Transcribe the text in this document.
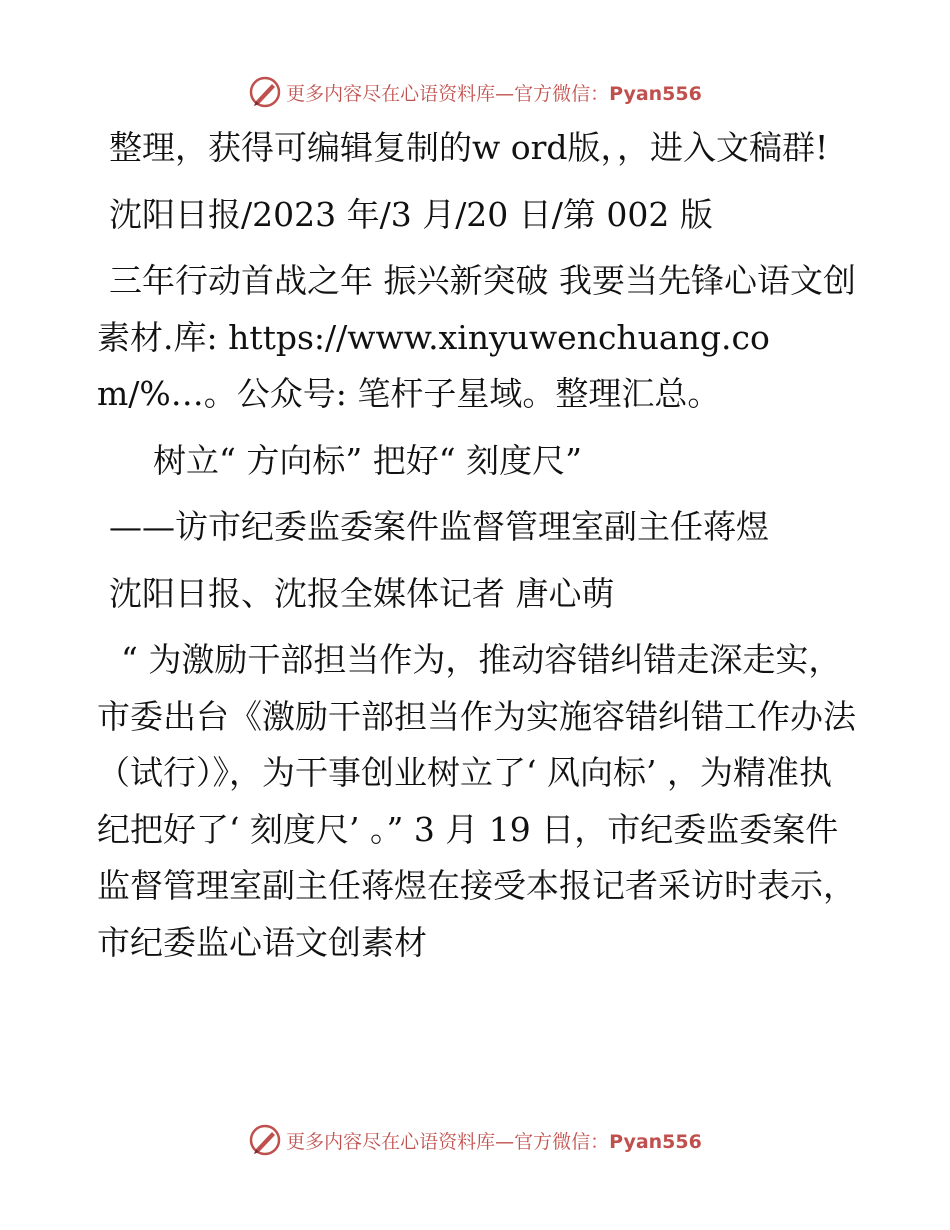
更多内容尽在心语资料库—官方微信：Pyan556

整理，获得可编辑复制的w ord版，，进入文稿群!

沈阳日报/2023 年/3 月/20 日/第 002 版

三年行动首战之年 振兴新突破 我要当先锋心语文创素材.库: https://www.xinyuwenchuang.com/%…。公众号: 笔杆子星域。整理汇总。

树立“ 方向标” 把好“ 刻度尺”

——访市纪委监委案件监督管理室副主任蒋煜

沈阳日报、沈报全媒体记者 唐心萌

“ 为激励干部担当作为，推动容错纠错走深走实，市委出台《激励干部担当作为实施容错纠错工作办法（试行）》，为干事创业树立了‘ 风向标’ ，为精准执纪把好了‘ 刻度尺’ 。” 3 月 19 日，市纪委监委案件监督管理室副主任蒋煜在接受本报记者采访时表示，市纪委监心语文创素材

更多内容尽在心语资料库—官方微信：Pyan556
